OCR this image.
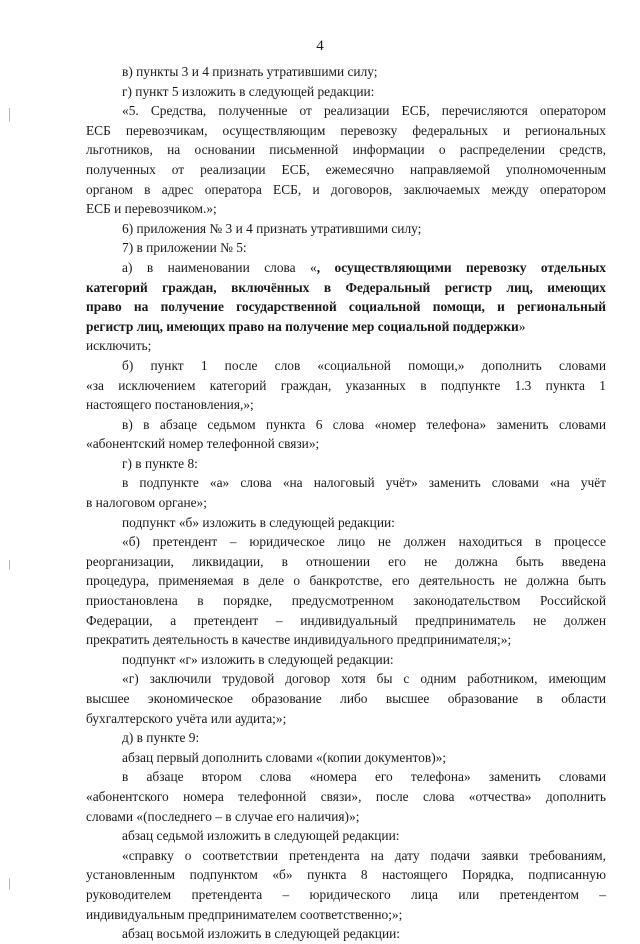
4
в) пункты 3 и 4 признать утратившими силу;
г) пункт 5 изложить в следующей редакции:
«5. Средства, полученные от реализации ЕСБ, перечисляются оператором
ЕСБ перевозчикам, осуществляющим перевозку федеральных и региональных
льготников, на основании письменной информации о распределении средств,
полученных от реализации ЕСБ, ежемесячно направляемой уполномоченным
органом в адрес оператора ЕСБ, и договоров, заключаемых между оператором
ЕСБ и перевозчиком.»;
6) приложения № 3 и 4 признать утратившими силу;
7) в приложении № 5:
а) в наименовании слова «, осуществляющими перевозку отдельных
категорий граждан, включённых в Федеральный регистр лиц, имеющих
право на получение государственной социальной помощи, и региональный
регистр лиц, имеющих право на получение мер социальной поддержки»
исключить;
б) пункт 1 после слов «социальной помощи,» дополнить словами
«за исключением категорий граждан, указанных в подпункте 1.3 пункта 1
настоящего постановления,»;
в) в абзаце седьмом пункта 6 слова «номер телефона» заменить словами
«абонентский номер телефонной связи»;
г) в пункте 8:
в подпункте «а» слова «на налоговый учёт» заменить словами «на учёт
в налоговом органе»;
подпункт «б» изложить в следующей редакции:
«б) претендент – юридическое лицо не должен находиться в процессе
реорганизации, ликвидации, в отношении его не должна быть введена
процедура, применяемая в деле о банкротстве, его деятельность не должна быть
приостановлена в порядке, предусмотренном законодательством Российской
Федерации, а претендент – индивидуальный предприниматель не должен
прекратить деятельность в качестве индивидуального предпринимателя;»;
подпункт «г» изложить в следующей редакции:
«г) заключили трудовой договор хотя бы с одним работником, имеющим
высшее экономическое образование либо высшее образование в области
бухгалтерского учёта или аудита;»;
д) в пункте 9:
абзац первый дополнить словами «(копии документов)»;
в абзаце втором слова «номера его телефона» заменить словами
«абонентского номера телефонной связи», после слова «отчества» дополнить
словами «(последнего – в случае его наличия)»;
абзац седьмой изложить в следующей редакции:
«справку о соответствии претендента на дату подачи заявки требованиям,
установленным подпунктом «б» пункта 8 настоящего Порядка, подписанную
руководителем претендента – юридического лица или претендентом –
индивидуальным предпринимателем соответственно;»;
абзац восьмой изложить в следующей редакции:
